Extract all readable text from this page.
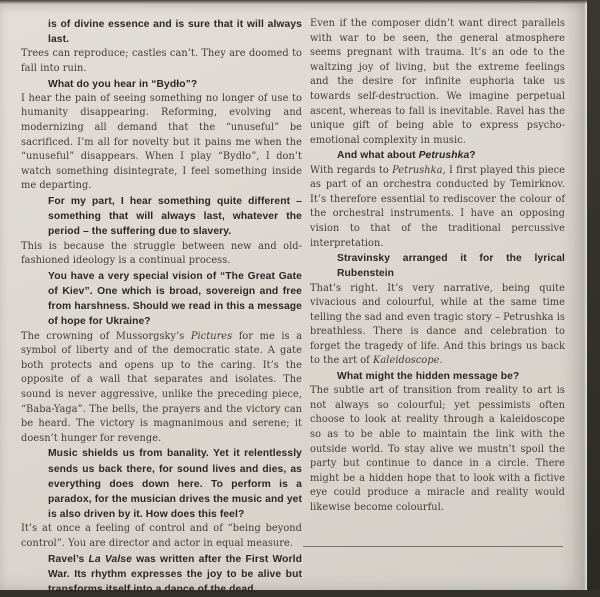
is of divine essence and is sure that it will always last.

Trees can reproduce; castles can’t. They are doomed to fall into ruin.

What do you hear in “Bydło”?

I hear the pain of seeing something no longer of use to humanity disappearing. Reforming, evolving and modernizing all demand that the “unuseful” be sacrificed. I’m all for novelty but it pains me when the “unuseful” disappears. When I play “Bydło”, I don’t watch something disintegrate, I feel something inside me departing.

For my part, I hear something quite different – something that will always last, whatever the period – the suffering due to slavery.

This is because the struggle between new and old-fashioned ideology is a continual process.

You have a very special vision of “The Great Gate of Kiev”. One which is broad, sovereign and free from harshness. Should we read in this a message of hope for Ukraine?

The crowning of Mussorgsky’s Pictures for me is a symbol of liberty and of the democratic state. A gate both protects and opens up to the caring. It’s the opposite of a wall that separates and isolates. The sound is never aggressive, unlike the preceding piece, “Baba-Yaga”. The bells, the prayers and the victory can be heard. The victory is magnanimous and serene; it doesn’t hunger for revenge.

Music shields us from banality. Yet it relentlessly sends us back there, for sound lives and dies, as everything does down here. To perform is a paradox, for the musician drives the music and yet is also driven by it. How does this feel?

It’s at once a feeling of control and of “being beyond control”. You are director and actor in equal measure.

Ravel’s La Valse was written after the First World War. Its rhythm expresses the joy to be alive but transforms itself into a dance of the dead.

Even if the composer didn’t want direct parallels with war to be seen, the general atmosphere seems pregnant with trauma. It’s an ode to the waltzing joy of living, but the extreme feelings and the desire for infinite euphoria take us towards self-destruction. We imagine perpetual ascent, whereas to fall is inevitable. Ravel has the unique gift of being able to express psycho-emotional complexity in music.

And what about Petrushka?

With regards to Petrushka, I first played this piece as part of an orchestra conducted by Temirknov. It’s therefore essential to rediscover the colour of the orchestral instruments. I have an opposing vision to that of the traditional percussive interpretation.

Stravinsky arranged it for the lyrical Rubenstein

That’s right. It’s very narrative, being quite vivacious and colourful, while at the same time telling the sad and even tragic story – Petrushka is breathless. There is dance and celebration to forget the tragedy of life. And this brings us back to the art of Kaleidoscope.

What might the hidden message be?

The subtle art of transition from reality to art is not always so colourful; yet pessimists often choose to look at reality through a kaleidoscope so as to be able to maintain the link with the outside world. To stay alive we mustn’t spoil the party but continue to dance in a circle. There might be a hidden hope that to look with a fictive eye could produce a miracle and reality would likewise become colourful.
